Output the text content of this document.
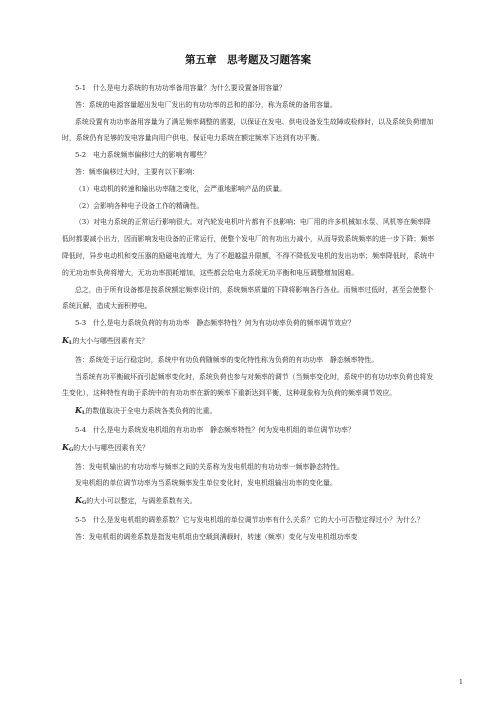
第五章　思考题及习题答案

5-1　什么是电力系统的有功功率备用容量？为什么要设置备用容量？

答：系统的电源容量超出发电厂发出的有功功率的总和的部分，称为系统的备用容量。

系统设置有功功率备用容量为了满足频率调整的需要，以保证在发电、供电设备发生故障或检修时，以及系统负荷增加时，系统仍有足够的发电容量向用户供电，保证电力系统在额定频率下达到有功平衡。

5-2　电力系统频率偏移过大的影响有哪些？

答：频率偏移过大时，主要有以下影响：

（1）电动机的转速和输出功率随之变化，会严重地影响产品的质量。

（2）会影响各种电子设备工作的精确性。

（3）对电力系统的正常运行影响很大。对汽轮发电机叶片都有不良影响；电厂用的许多机械如水泵、风机等在频率降低时都要减小出力，因而影响发电设备的正常运行，使整个发电厂的有功出力减小，从而导致系统频率的进一步下降；频率降低时，异步电动机和变压器的励磁电流增大，为了不超越温升限额，不得不降低发电机的发出功率；频率降低时，系统中的无功功率负荷将增大，无功功率损耗增加，这些都会给电力系统无功平衡和电压调整增加困难。

总之，由于所有设备都是按系统额定频率设计的，系统频率质量的下降将影响各行各业。而频率过低时，甚至会使整个系统瓦解，造成大面积停电。

5-3　什么是电力系统负荷的有功功率　静态频率特性？何为有功功率负荷的频率调节效应？

$K_L$的大小与哪些因素有关？

答：系统处于运行稳定时，系统中有功负荷随频率的变化特性称为负荷的有功功率　静态频率特性。

当系统有功平衡破坏而引起频率变化时，系统负荷也参与对频率的调节（当频率变化时，系统中的有功功率负荷也将发生变化），这种特性有助于系统中的有功功率在新的频率下重新达到平衡，这种现象称为负荷的频率调节效应。

$K_L$的数值取决于全电力系统各类负荷的比重。

5-4　什么是电力系统发电机组的有功功率　静态频率特性？何为发电机组的单位调节功率？

$K_G$的大小与哪些因素有关？

答：发电机输出的有功功率与频率之间的关系称为发电机组的有功功率一频率静态特性。

发电机组的单位调节功率为当系统频率发生单位变化时，发电机组输出功率的变化量。

$K_G$的大小可以整定，与调差系数有关。

5-5　什么是发电机组的调差系数？它与发电机组的单位调节功率有什么关系？它的大小可否整定得过小？为什么？

答：发电机组的调差系数是指发电机组由空载到满载时，转速（频率）变化与发电机组功率变

1
